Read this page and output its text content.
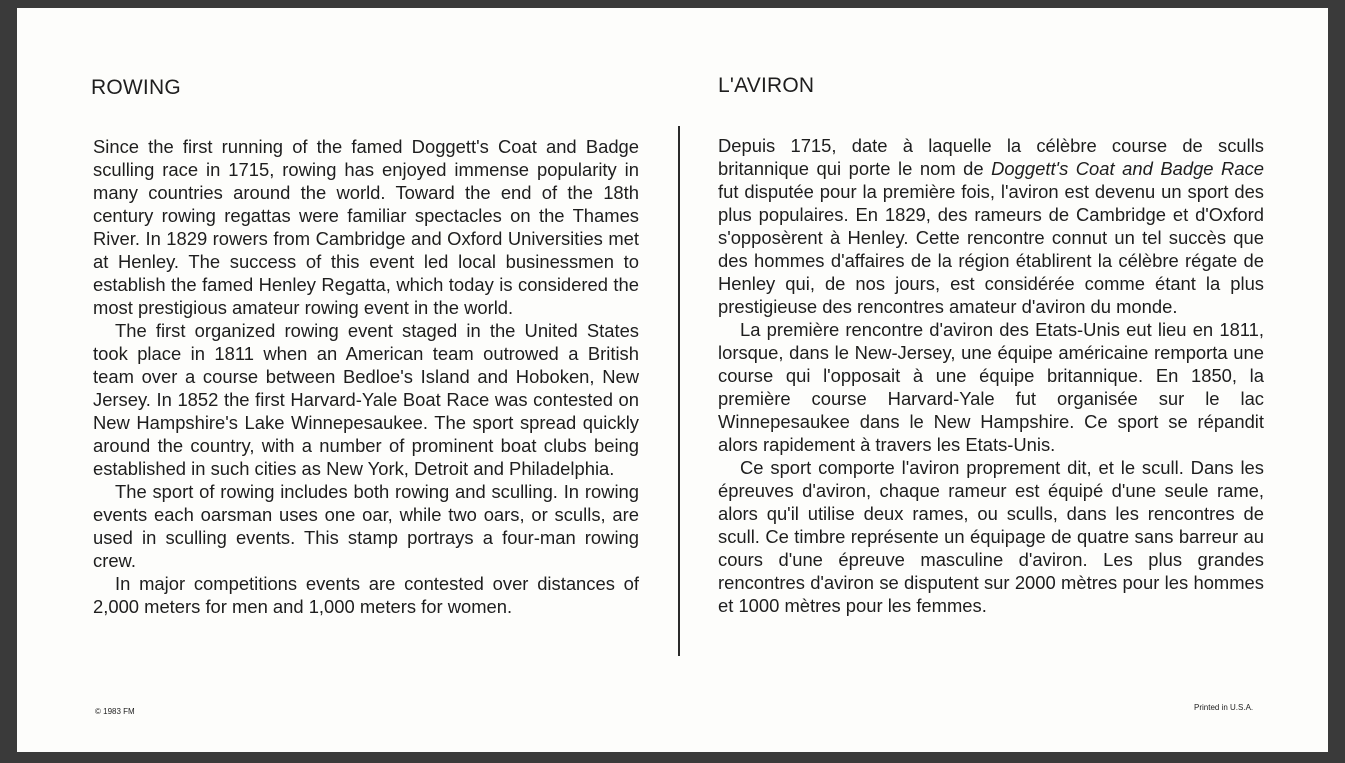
ROWING	L'AVIRON

Since the first running of the famed Doggett's Coat and Badge sculling race in 1715, rowing has enjoyed immense popularity in many countries around the world. Toward the end of the 18th century rowing regattas were familiar spectacles on the Thames River. In 1829 rowers from Cambridge and Oxford Universities met at Henley. The success of this event led local businessmen to establish the famed Henley Regatta, which today is considered the most prestigious amateur rowing event in the world.

The first organized rowing event staged in the United States took place in 1811 when an American team outrowed a British team over a course between Bedloe's Island and Hoboken, New Jersey. In 1852 the first Harvard-Yale Boat Race was contested on New Hampshire's Lake Winnepesaukee. The sport spread quickly around the country, with a number of prominent boat clubs being established in such cities as New York, Detroit and Philadelphia.

The sport of rowing includes both rowing and sculling. In rowing events each oarsman uses one oar, while two oars, or sculls, are used in sculling events. This stamp portrays a four-man rowing crew.

In major competitions events are contested over distances of 2,000 meters for men and 1,000 meters for women.

Depuis 1715, date à laquelle la célèbre course de sculls britannique qui porte le nom de Doggett's Coat and Badge Race fut disputée pour la première fois, l'aviron est devenu un sport des plus populaires. En 1829, des rameurs de Cambridge et d'Oxford s'opposèrent à Henley. Cette rencontre connut un tel succès que des hommes d'affaires de la région établirent la célèbre régate de Henley qui, de nos jours, est considérée comme étant la plus prestigieuse des rencontres amateur d'aviron du monde.

La première rencontre d'aviron des Etats-Unis eut lieu en 1811, lorsque, dans le New-Jersey, une équipe américaine remporta une course qui l'opposait à une équipe britannique. En 1850, la première course Harvard-Yale fut organisée sur le lac Winnepesaukee dans le New Hampshire. Ce sport se répandit alors rapidement à travers les Etats-Unis.

Ce sport comporte l'aviron proprement dit, et le scull. Dans les épreuves d'aviron, chaque rameur est équipé d'une seule rame, alors qu'il utilise deux rames, ou sculls, dans les rencontres de scull. Ce timbre représente un équipage de quatre sans barreur au cours d'une épreuve masculine d'aviron. Les plus grandes rencontres d'aviron se disputent sur 2000 mètres pour les hommes et 1000 mètres pour les femmes.

© 1983 FM	Printed in U.S.A.
